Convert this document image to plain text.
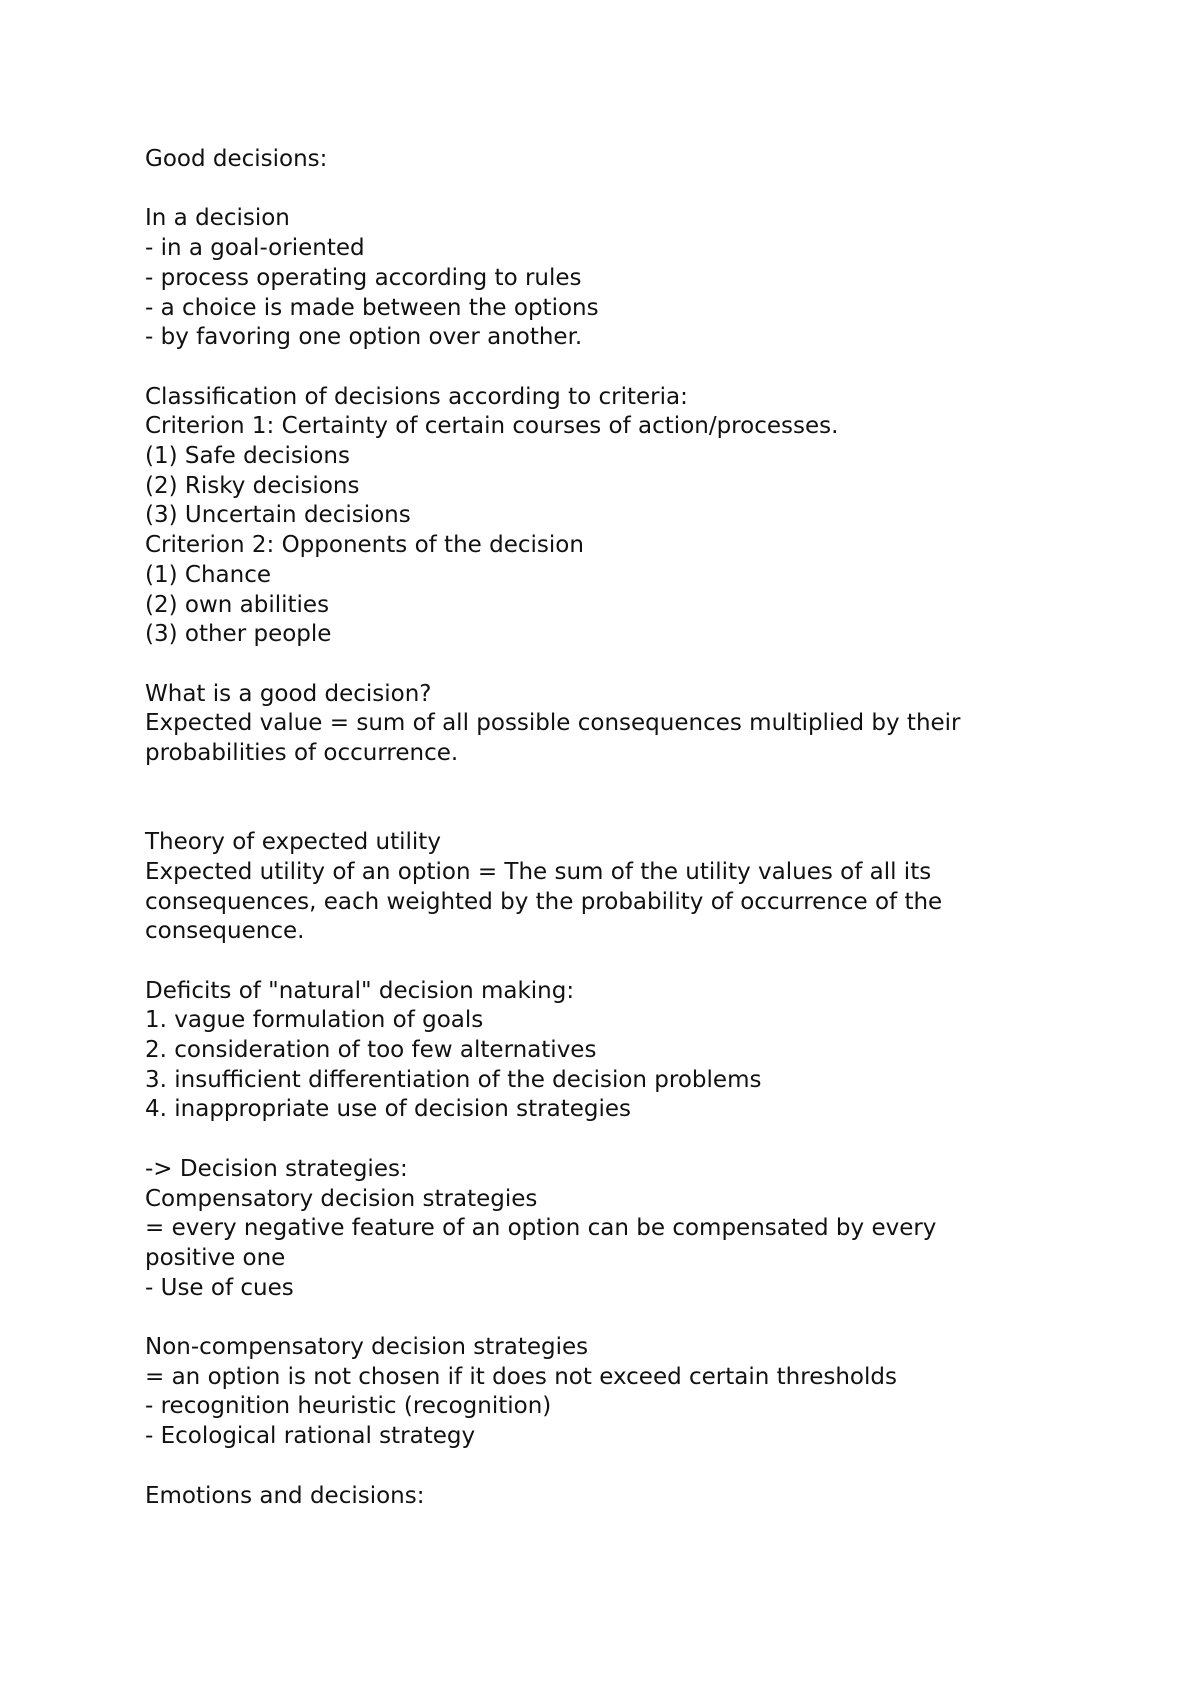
Good decisions:
In a decision
- in a goal-oriented
- process operating according to rules
- a choice is made between the options
- by favoring one option over another.
Classification of decisions according to criteria:
Criterion 1: Certainty of certain courses of action/processes.
(1) Safe decisions
(2) Risky decisions
(3) Uncertain decisions
Criterion 2: Opponents of the decision
(1) Chance
(2) own abilities
(3) other people
What is a good decision?
Expected value = sum of all possible consequences multiplied by their
probabilities of occurrence.
Theory of expected utility
Expected utility of an option = The sum of the utility values of all its
consequences, each weighted by the probability of occurrence of the
consequence.
Deficits of "natural" decision making:
1. vague formulation of goals
2. consideration of too few alternatives
3. insufficient differentiation of the decision problems
4. inappropriate use of decision strategies
-> Decision strategies:
Compensatory decision strategies
= every negative feature of an option can be compensated by every
positive one
- Use of cues
Non-compensatory decision strategies
= an option is not chosen if it does not exceed certain thresholds
- recognition heuristic (recognition)
- Ecological rational strategy
Emotions and decisions:
